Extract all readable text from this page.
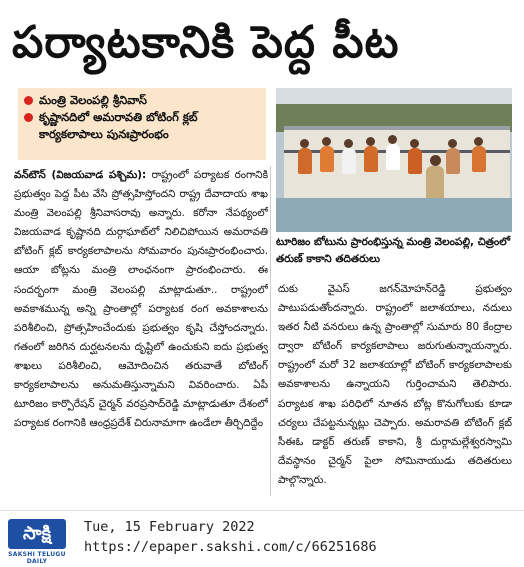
పర్యాటకానికి పెద్ద పీట
మంత్రి వెలంపల్లి శ్రీనివాస్
కృష్ణానదిలో అమరావతి బోటింగ్ క్లబ్ కార్యకలాపాలు పునఃప్రారంభం
టూరిజం బోటును ప్రారంభిస్తున్న మంత్రి వెలంపల్లి, చిత్రంలో తరుణ్ కాకాని తదితరులు
వన్‌టౌన్ (విజయవాడ పశ్చిమ): రాష్ట్రంలో పర్యాటక రంగానికి ప్రభుత్వం పెద్ద పీట వేసి ప్రోత్సహిస్తోందని రాష్ట్ర దేవాదాయ శాఖ మంత్రి వెలంపల్లి శ్రీనివాసరావు అన్నారు. కరోనా నేపథ్యంలో విజయవాడ కృష్ణానది దుర్గాఘాట్‌లో నిలిచిపోయిన అమరావతి బోటింగ్ క్లబ్ కార్యకలాపాలను సోమవారం పునఃప్రారంభించారు. ఆయా బోట్లను మంత్రి లాంఛనంగా ప్రారంభించారు. ఈ సందర్భంగా మంత్రి వెలంపల్లి మాట్లాడుతూ.. రాష్ట్రంలో అవకాశమున్న అన్ని ప్రాంతాల్లో పర్యాటక రంగ అవకాశాలను పరిశీలించి, ప్రోత్సహించేందుకు ప్రభుత్వం కృషి చేస్తోందన్నారు. గతంలో జరిగిన దుర్ఘటనలను దృష్టిలో ఉంచుకుని ఐదు ప్రభుత్వ శాఖలు పరిశీలించి, ఆమోదించిన తరువాతే బోటింగ్ కార్యకలాపాలను అనుమతిస్తున్నామని వివరించారు. ఏపీ టూరిజం కార్పొరేషన్ చైర్మన్ వరప్రసాద్‌రెడ్డి మాట్లాడుతూ దేశంలో పర్యాటక రంగానికి ఆంధ్రప్రదేశ్ చిరునామాగా ఉండేలా తీర్చిదిద్దేం
దుకు వైఎస్ జగన్‌మోహన్‌రెడ్డి ప్రభుత్వం పాటుపడుతోందన్నారు. రాష్ట్రంలో జలాశయాలు, నదులు ఇతర నీటి వనరులు ఉన్న ప్రాంతాల్లో సుమారు 80 కేంద్రాల ద్వారా బోటింగ్ కార్యకలాపాలు జరుగుతున్నాయన్నారు. రాష్ట్రంలో మరో 32 జలాశయాల్లో బోటింగ్ కార్యకలాపాలకు అవకాశాలను ఉన్నాయని గుర్తించామని తెలిపారు. పర్యాటక శాఖ పరిధిలో నూతన బోట్ల కొనుగోలుకు కూడా చర్యలు చేపట్టనున్నట్లు చెప్పారు. అమరావతి బోటింగ్ క్లబ్ సీఈఓ డాక్టర్ తరుణ్ కాకాని, శ్రీ దుర్గామల్లేశ్వరస్వామి దేవస్థానం చైర్మన్ పైలా సోమినాయుడు తదితరులు పాల్గొన్నారు.
సాక్షి
SAKSHI TELUGU DAILY
Tue, 15 February 2022
https://epaper.sakshi.com/c/66251686
